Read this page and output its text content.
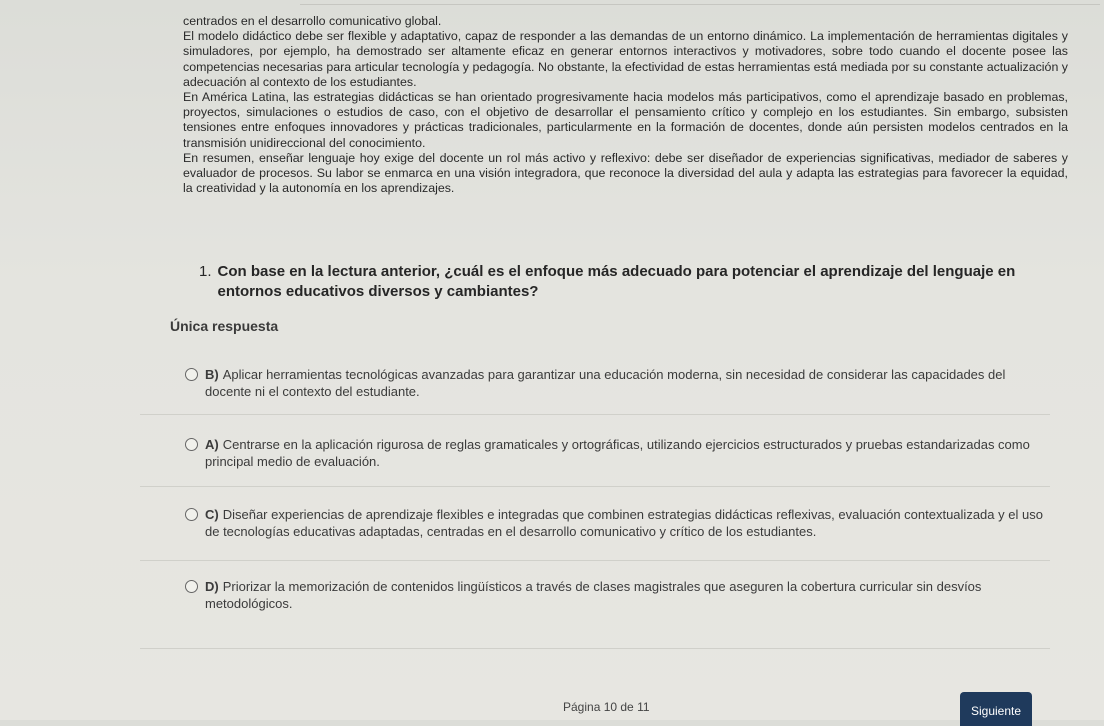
centrados en el desarrollo comunicativo global.

El modelo didáctico debe ser flexible y adaptativo, capaz de responder a las demandas de un entorno dinámico. La implementación de herramientas digitales y simuladores, por ejemplo, ha demostrado ser altamente eficaz en generar entornos interactivos y motivadores, sobre todo cuando el docente posee las competencias necesarias para articular tecnología y pedagogía. No obstante, la efectividad de estas herramientas está mediada por su constante actualización y adecuación al contexto de los estudiantes.

En América Latina, las estrategias didácticas se han orientado progresivamente hacia modelos más participativos, como el aprendizaje basado en problemas, proyectos, simulaciones o estudios de caso, con el objetivo de desarrollar el pensamiento crítico y complejo en los estudiantes. Sin embargo, subsisten tensiones entre enfoques innovadores y prácticas tradicionales, particularmente en la formación de docentes, donde aún persisten modelos centrados en la transmisión unidireccional del conocimiento.

En resumen, enseñar lenguaje hoy exige del docente un rol más activo y reflexivo: debe ser diseñador de experiencias significativas, mediador de saberes y evaluador de procesos. Su labor se enmarca en una visión integradora, que reconoce la diversidad del aula y adapta las estrategias para favorecer la equidad, la creatividad y la autonomía en los aprendizajes.

1. Con base en la lectura anterior, ¿cuál es el enfoque más adecuado para potenciar el aprendizaje del lenguaje en entornos educativos diversos y cambiantes?
Única respuesta
B) Aplicar herramientas tecnológicas avanzadas para garantizar una educación moderna, sin necesidad de considerar las capacidades del docente ni el contexto del estudiante.
A) Centrarse en la aplicación rigurosa de reglas gramaticales y ortográficas, utilizando ejercicios estructurados y pruebas estandarizadas como principal medio de evaluación.
C) Diseñar experiencias de aprendizaje flexibles e integradas que combinen estrategias didácticas reflexivas, evaluación contextualizada y el uso de tecnologías educativas adaptadas, centradas en el desarrollo comunicativo y crítico de los estudiantes.
D) Priorizar la memorización de contenidos lingüísticos a través de clases magistrales que aseguren la cobertura curricular sin desvíos metodológicos.
Página 10 de 11	Siguiente
